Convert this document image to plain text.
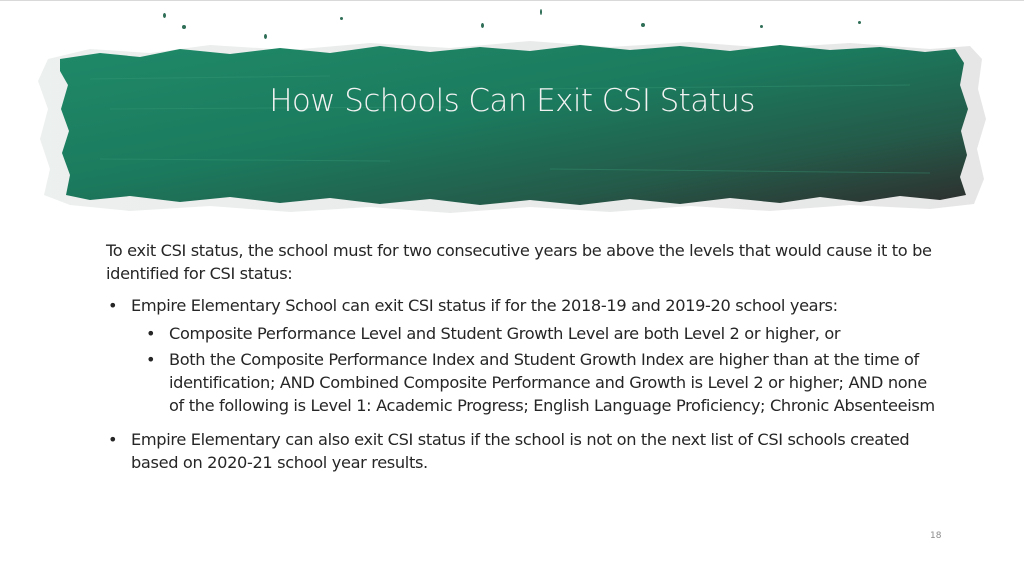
How Schools Can Exit CSI Status
To exit CSI status, the school must for two consecutive years be above the levels that would cause it to be identified for CSI status:
• Empire Elementary School can exit CSI status if for the 2018-19 and 2019-20 school years:
• Composite Performance Level and Student Growth Level are both Level 2 or higher, or
• Both the Composite Performance Index and Student Growth Index are higher than at the time of identification; AND Combined Composite Performance and Growth is Level 2 or higher; AND none of the following is Level 1: Academic Progress; English Language Proficiency; Chronic Absenteeism
• Empire Elementary can also exit CSI status if the school is not on the next list of CSI schools created based on 2020-21 school year results.
18
